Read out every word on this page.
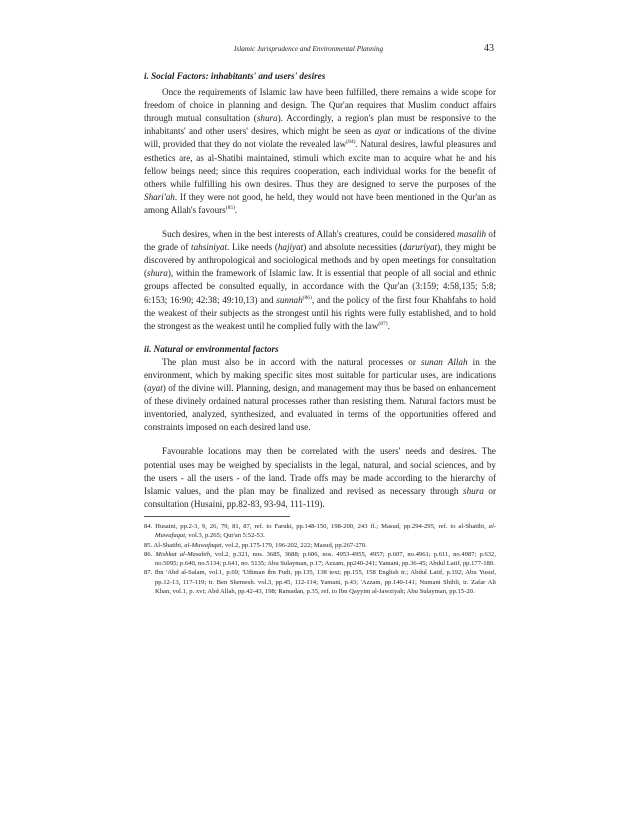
Islamic Jurisprudence and Environmental Planning	43
i. Social Factors: inhabitants' and users' desires

Once the requirements of Islamic law have been fulfilled, there remains a wide scope for freedom of choice in planning and design. The Qur'an requires that Muslim conduct affairs through mutual consultation (shura). Accordingly, a region's plan must be responsive to the inhabitants' and other users' desires, which might be seen as ayat or indications of the divine will, provided that they do not violate the revealed law$^{(84)}$. Natural desires, lawful pleasures and esthetics are, as al-Shatibi maintained, stimuli which excite man to acquire what he and his fellow beings need; since this requires cooperation, each individual works for the benefit of others while fulfilling his own desires. Thus they are designed to serve the purposes of the Shari'ah. If they were not good, he held, they would not have been mentioned in the Qur'an as among Allah's favours$^{(85)}$.

Such desires, when in the best interests of Allah's creatures, could be considered masalih of the grade of tahsiniyat. Like needs (hajiyat) and absolute necessities (daruriyat), they might be discovered by anthropological and sociological methods and by open meetings for consultation (shura), within the framework of Islamic law. It is essential that people of all social and ethnic groups affected be consulted equally, in accordance with the Qur'an (3:159; 4:58,135; 5:8; 6:153; 16:90; 42:38; 49:10,13) and sunnah$^{(86)}$, and the policy of the first four Khahfahs to hold the weakest of their subjects as the strongest until his rights were fully established, and to hold the strongest as the weakest until he complied fully with the law$^{(87)}$.

ii. Natural or environmental factors

The plan must also be in accord with the natural processes or sunan Allah in the environment, which by making specific sites most suitable for particular uses, are indications (ayat) of the divine will. Planning, design, and management may thus be based on enhancement of these divinely ordained natural processes rather than resisting them. Natural factors must be inventoried, analyzed, synthesized, and evaluated in terms of the opportunities offered and constraints imposed on each desired land use.

Favourable locations may then be correlated with the users' needs and desires. The potential uses may be weighed by specialists in the legal, natural, and social sciences, and by the users - all the users - of the land. Trade offs may be made according to the hierarchy of Islamic values, and the plan may be finalized and revised as necessary through shura or consultation (Husaini, pp.82-83, 93-94, 111-119).

84. Husaini, pp.2-3, 9, 26, 79, 81, 87, ref. to Faruki, pp.148-150, 198-200, 243 ff.; Masud, pp.294-295, ref. to al-Shatibi, al-Muwafaqat, vol.3, p.265; Qur'an 5:52-53.

85. Al-Shatibi, al-Muwafaqat, vol.2, pp.175-179, 196-202, 222; Masud, pp.267-270.

86. Mishkat al-Masabih, vol.2, p.321, nos. 3685, 3688; p.606, nos. 4953-4955, 4957; p.607, no.4961; p.611, no.4987; p.632, no.5095; p.640, no.5134; p.641, no. 5135; Abu Sulayman, p.17; Azzam, pp240-241; Yamani, pp.36-45; Abdul Latif, pp.177-180.

87. Ibn 'Abd al-Salam, vol.1, p.69; 'Uthman ibn Fudi, pp.135, 138 text; pp.155, 158 English tr.; Abdul Latif, p.192; Abu Yusuf, pp.12-13, 117-119; tr. Ben Shemesh. vol.3, pp.45, 112-114; Yamani, p.43; 'Azzam, pp.140-141; Numani Shibli, tr. Zafar Ali Khan, vol.1, p. xvi; Abd Allah, pp.42-43, 198; Ramadan, p.35, ref. to Ibn Qayyim al-Jawziyah; Abu Sulayman, pp.15-20.
